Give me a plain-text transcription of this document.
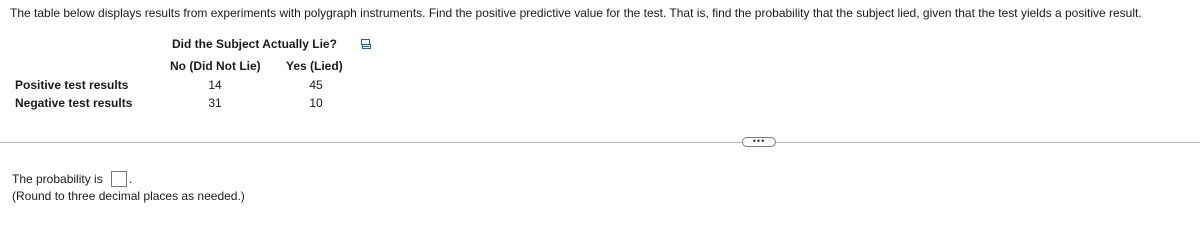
The table below displays results from experiments with polygraph instruments. Find the positive predictive value for the test. That is, find the probability that the subject lied, given that the test yields a positive result.
Did the Subject Actually Lie?
No (Did Not Lie) Yes (Lied)
Positive test results	14	45
Negative test results	31	10
•••
The probability is .
(Round to three decimal places as needed.)
